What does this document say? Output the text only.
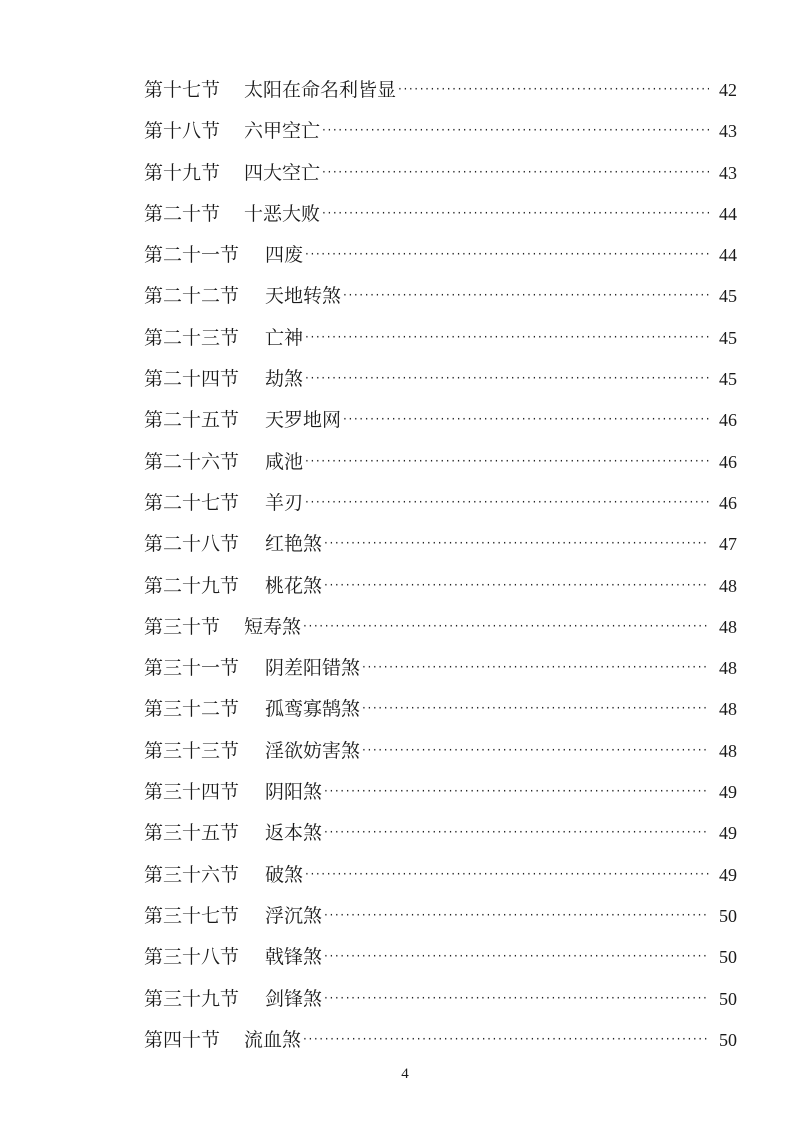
第十七节 太阳在命名利皆显 ·····	42
第十八节 六甲空亡 ·····	43
第十九节 四大空亡 ·····	43
第二十节 十恶大败 ·····	44
第二十一节 四废 ·····	44
第二十二节 天地转煞 ·····	45
第二十三节 亡神 ·····	45
第二十四节 劫煞 ·····	45
第二十五节 天罗地网 ·····	46
第二十六节 咸池 ·····	46
第二十七节 羊刃 ·····	46
第二十八节 红艳煞 ·····	47
第二十九节 桃花煞 ·····	48
第三十节 短寿煞 ·····	48
第三十一节 阴差阳错煞 ·····	48
第三十二节 孤鸾寡鹄煞 ·····	48
第三十三节 淫欲妨害煞 ·····	48
第三十四节 阴阳煞 ·····	49
第三十五节 返本煞 ·····	49
第三十六节 破煞 ·····	49
第三十七节 浮沉煞 ·····	50
第三十八节 戟锋煞 ·····	50
第三十九节 剑锋煞 ·····	50
第四十节 流血煞 ·····	50
4
